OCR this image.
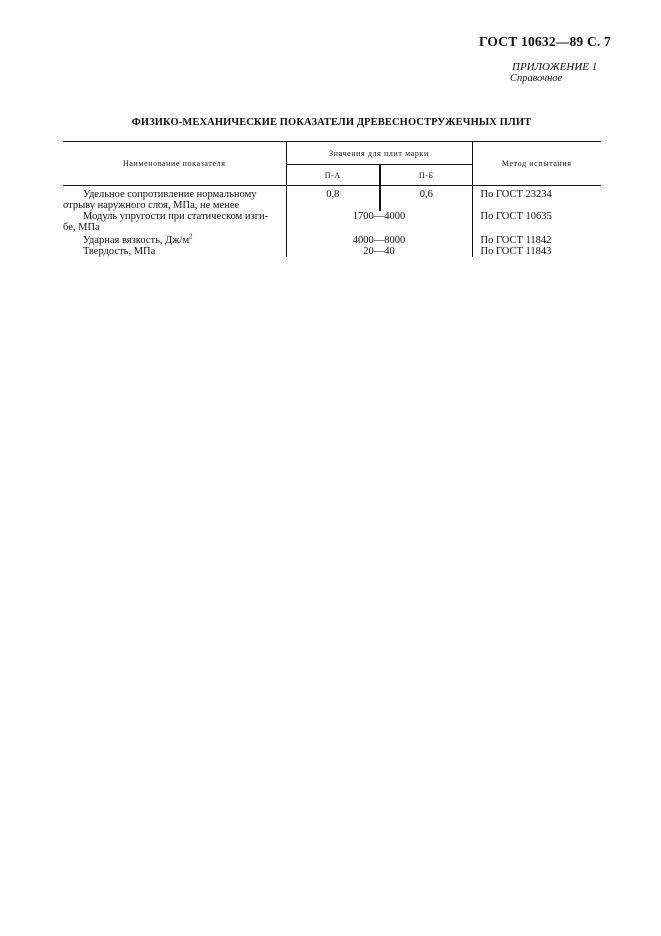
ГОСТ 10632—89 С. 7
ПРИЛОЖЕНИЕ 1
Справочное
ФИЗИКО-МЕХАНИЧЕСКИЕ ПОКАЗАТЕЛИ ДРЕВЕСНОСТРУЖЕЧНЫХ ПЛИТ
Наименование показателя	Значения для плит марки		Метод испытания
	П-А	П-Б	
Удельное сопротивление нормальному
отрыву наружного слоя, МПа, не менее	0,8	0,6	По ГОСТ 23234
Модуль упругости при статическом изги-
бе, МПа	1700—4000		По ГОСТ 10635
Ударная вязкость, $Дж/м^2$	4000—8000		По ГОСТ 11842
Твердость, МПа	20—40		По ГОСТ 11843
